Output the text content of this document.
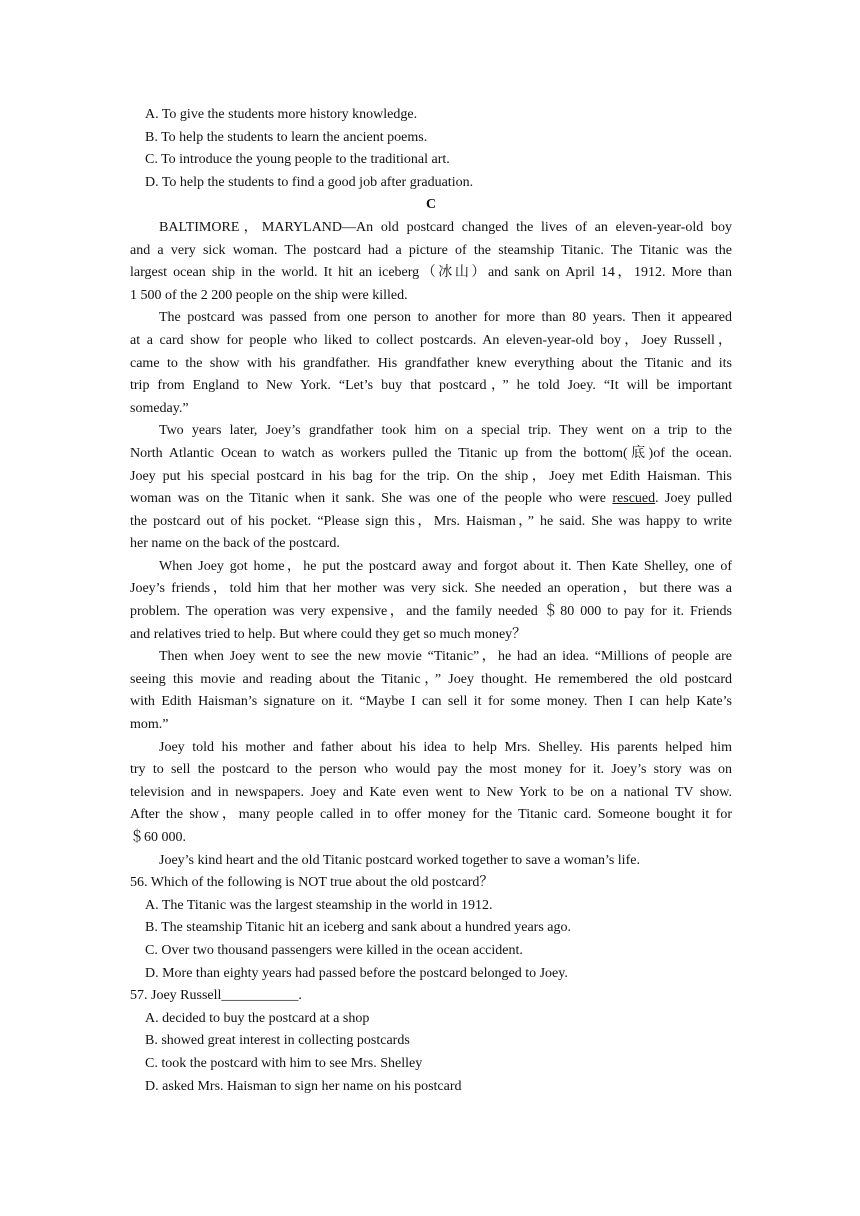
A. To give the students more history knowledge.
B. To help the students to learn the ancient poems.
C. To introduce the young people to the traditional art.
D. To help the students to find a good job after graduation.
C
BALTIMORE，MARYLAND—An old postcard changed the lives of an eleven-year-old boy
and a very sick woman. The postcard had a picture of the steamship Titanic. The Titanic was the
largest ocean ship in the world. It hit an iceberg（冰山）and sank on April 14，1912. More than
1 500 of the 2 200 people on the ship were killed.
The postcard was passed from one person to another for more than 80 years. Then it appeared
at a card show for people who liked to collect postcards. An eleven-year-old boy，Joey Russell，
came to the show with his grandfather. His grandfather knew everything about the Titanic and its
trip from England to New York. “Let’s buy that postcard，” he told Joey. “It will be important
someday.”
Two years later, Joey’s grandfather took him on a special trip. They went on a trip to the
North Atlantic Ocean to watch as workers pulled the Titanic up from the bottom(底)of the ocean.
Joey put his special postcard in his bag for the trip. On the ship，Joey met Edith Haisman. This
woman was on the Titanic when it sank. She was one of the people who were rescued. Joey pulled
the postcard out of his pocket. “Please sign this，Mrs. Haisman，” he said. She was happy to write
her name on the back of the postcard.
When Joey got home，he put the postcard away and forgot about it. Then Kate Shelley, one of
Joey’s friends，told him that her mother was very sick. She needed an operation，but there was a
problem. The operation was very expensive，and the family needed ＄80 000 to pay for it. Friends
and relatives tried to help. But where could they get so much money？
Then when Joey went to see the new movie “Titanic”，he had an idea. “Millions of people are
seeing this movie and reading about the Titanic，” Joey thought. He remembered the old postcard
with Edith Haisman’s signature on it. “Maybe I can sell it for some money. Then I can help Kate’s
mom.”
Joey told his mother and father about his idea to help Mrs. Shelley. His parents helped him
try to sell the postcard to the person who would pay the most money for it. Joey’s story was on
television and in newspapers. Joey and Kate even went to New York to be on a national TV show.
After the show，many people called in to offer money for the Titanic card. Someone bought it for
＄60 000.
Joey’s kind heart and the old Titanic postcard worked together to save a woman’s life.
56. Which of the following is NOT true about the old postcard？
A. The Titanic was the largest steamship in the world in 1912.
B. The steamship Titanic hit an iceberg and sank about a hundred years ago.
C. Over two thousand passengers were killed in the ocean accident.
D. More than eighty years had passed before the postcard belonged to Joey.
57. Joey Russell___________.
A. decided to buy the postcard at a shop
B. showed great interest in collecting postcards
C. took the postcard with him to see Mrs. Shelley
D. asked Mrs. Haisman to sign her name on his postcard
